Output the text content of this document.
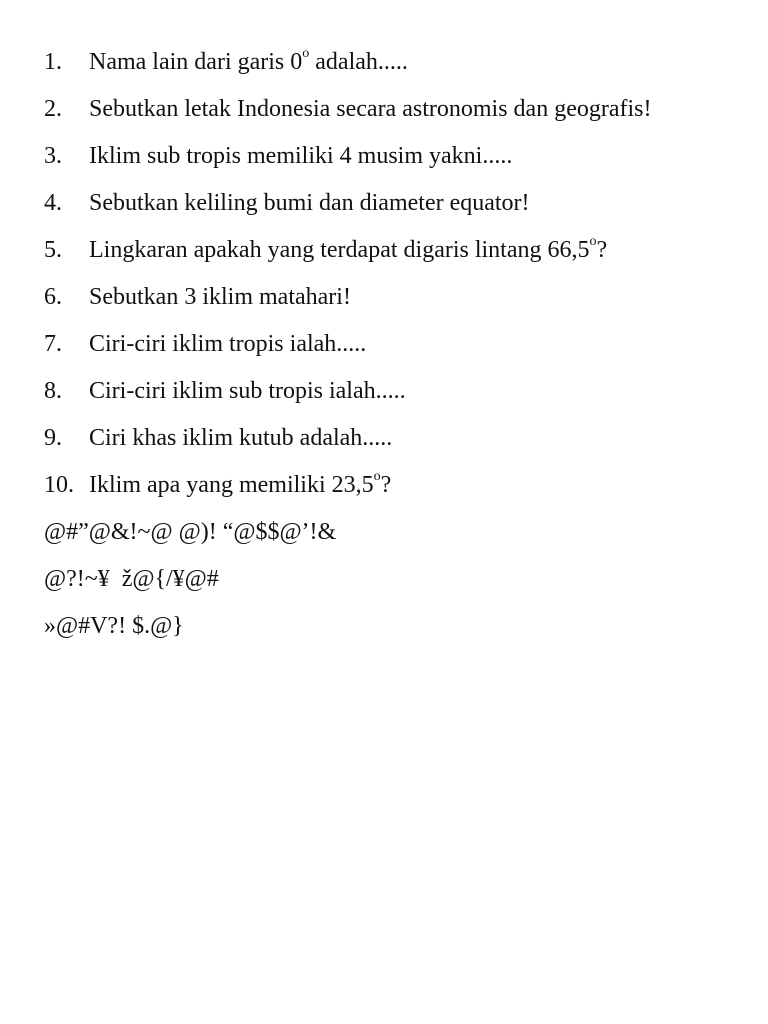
1.	Nama lain dari garis 0$^o$ adalah.....
2.	Sebutkan letak Indonesia secara astronomis dan geografis!
3.	Iklim sub tropis memiliki 4 musim yakni.....
4.	Sebutkan keliling bumi dan diameter equator!
5.	Lingkaran apakah yang terdapat digaris lintang 66,5$^o$?
6.	Sebutkan 3 iklim matahari!
7.	Ciri-ciri iklim tropis ialah.....
8.	Ciri-ciri iklim sub tropis ialah.....
9.	Ciri khas iklim kutub adalah.....
10. Iklim apa yang memiliki 23,5$^o$?
@#”@&!~@ @)! “@$$@’!&
@?!~¥  ž@{/¥@#
»@#V?! $.@}
